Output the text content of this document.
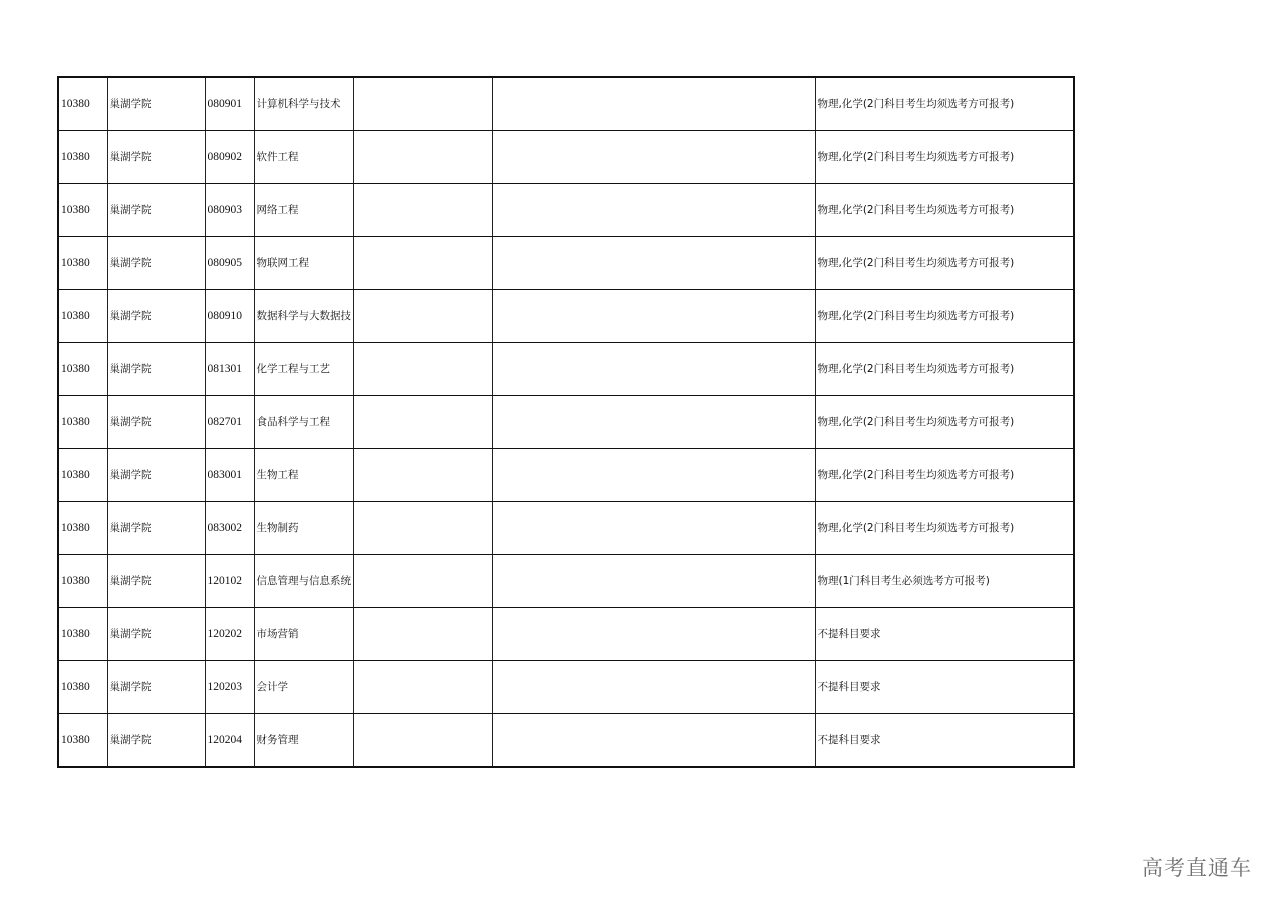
10380	巢湖学院	080901	计算机科学与技术			物理,化学(2门科目考生均须选考方可报考)
10380	巢湖学院	080902	软件工程			物理,化学(2门科目考生均须选考方可报考)
10380	巢湖学院	080903	网络工程			物理,化学(2门科目考生均须选考方可报考)
10380	巢湖学院	080905	物联网工程			物理,化学(2门科目考生均须选考方可报考)
10380	巢湖学院	080910	数据科学与大数据技			物理,化学(2门科目考生均须选考方可报考)
10380	巢湖学院	081301	化学工程与工艺			物理,化学(2门科目考生均须选考方可报考)
10380	巢湖学院	082701	食品科学与工程			物理,化学(2门科目考生均须选考方可报考)
10380	巢湖学院	083001	生物工程			物理,化学(2门科目考生均须选考方可报考)
10380	巢湖学院	083002	生物制药			物理,化学(2门科目考生均须选考方可报考)
10380	巢湖学院	120102	信息管理与信息系统			物理(1门科目考生必须选考方可报考)
10380	巢湖学院	120202	市场营销			不提科目要求
10380	巢湖学院	120203	会计学			不提科目要求
10380	巢湖学院	120204	财务管理			不提科目要求
高考直通车
